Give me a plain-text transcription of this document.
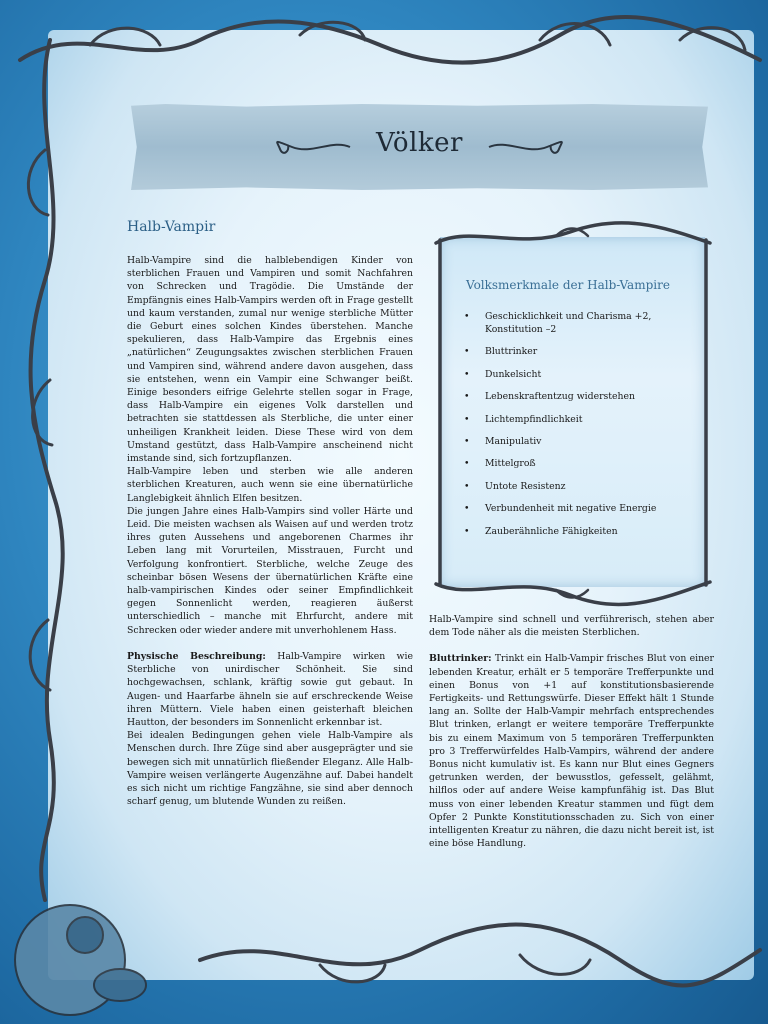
Völker
Halb-Vampir

Halb-Vampire sind die halblebendigen Kinder von sterblichen Frauen und Vampiren und somit Nachfahren von Schrecken und Tragödie. Die Umstände der Empfängnis eines Halb-Vampirs werden oft in Frage gestellt und kaum verstanden, zumal nur wenige sterbliche Mütter die Geburt eines solchen Kindes überstehen. Manche spekulieren, dass Halb-Vampire das Ergebnis eines „natürlichen“ Zeugungsaktes zwischen sterblichen Frauen und Vampiren sind, während andere davon ausgehen, dass sie entstehen, wenn ein Vampir eine Schwanger beißt. Einige besonders eifrige Gelehrte stellen sogar in Frage, dass Halb-Vampire ein eigenes Volk darstellen und betrachten sie stattdessen als Sterbliche, die unter einer unheiligen Krankheit leiden. Diese These wird von dem Umstand gestützt, dass Halb-Vampire anscheinend nicht imstande sind, sich fortzupflanzen.

Halb-Vampire leben und sterben wie alle anderen sterblichen Kreaturen, auch wenn sie eine übernatürliche Langlebigkeit ähnlich Elfen besitzen.

Die jungen Jahre eines Halb-Vampirs sind voller Härte und Leid. Die meisten wachsen als Waisen auf und werden trotz ihres guten Aussehens und angeborenen Charmes ihr Leben lang mit Vorurteilen, Misstrauen, Furcht und Verfolgung konfrontiert. Sterbliche, welche Zeuge des scheinbar bösen Wesens der übernatürlichen Kräfte eine halb-vampirischen Kindes oder seiner Empfindlichkeit gegen Sonnenlicht werden, reagieren äußerst unterschiedlich – manche mit Ehrfurcht, andere mit Schrecken oder wieder andere mit unverhohlenem Hass.

Physische Beschreibung: Halb-Vampire wirken wie Sterbliche von unirdischer Schönheit. Sie sind hochgewachsen, schlank, kräftig sowie gut gebaut. In Augen- und Haarfarbe ähneln sie auf erschreckende Weise ihren Müttern. Viele haben einen geisterhaft bleichen Hautton, der besonders im Sonnenlicht erkennbar ist.

Bei idealen Bedingungen gehen viele Halb-Vampire als Menschen durch. Ihre Züge sind aber ausgeprägter und sie bewegen sich mit unnatürlich fließender Eleganz. Alle Halb-Vampire weisen verlängerte Augenzähne auf. Dabei handelt es sich nicht um richtige Fangzähne, sie sind aber dennoch scharf genug, um blutende Wunden zu reißen.

Volksmerkmale der Halb-Vampire
• Geschicklichkeit und Charisma +2, Konstitution –2
• Bluttrinker
• Dunkelsicht
• Lebenskraftentzug widerstehen
• Lichtempfindlichkeit
• Manipulativ
• Mittelgroß
• Untote Resistenz
• Verbundenheit mit negative Energie
• Zauberähnliche Fähigkeiten

Halb-Vampire sind schnell und verführerisch, stehen aber dem Tode näher als die meisten Sterblichen.

Bluttrinker: Trinkt ein Halb-Vampir frisches Blut von einer lebenden Kreatur, erhält er 5 temporäre Trefferpunkte und einen Bonus von +1 auf konstitutionsbasierende Fertigkeits- und Rettungswürfe. Dieser Effekt hält 1 Stunde lang an. Sollte der Halb-Vampir mehrfach entsprechendes Blut trinken, erlangt er weitere temporäre Trefferpunkte bis zu einem Maximum von 5 temporären Trefferpunkten pro 3 Trefferwürfeldes Halb-Vampirs, während der andere Bonus nicht kumulativ ist. Es kann nur Blut eines Gegners getrunken werden, der bewusstlos, gefesselt, gelähmt, hilflos oder auf andere Weise kampfunfähig ist. Das Blut muss von einer lebenden Kreatur stammen und fügt dem Opfer 2 Punkte Konstitutionsschaden zu. Sich von einer intelligenten Kreatur zu nähren, die dazu nicht bereit ist, ist eine böse Handlung.
